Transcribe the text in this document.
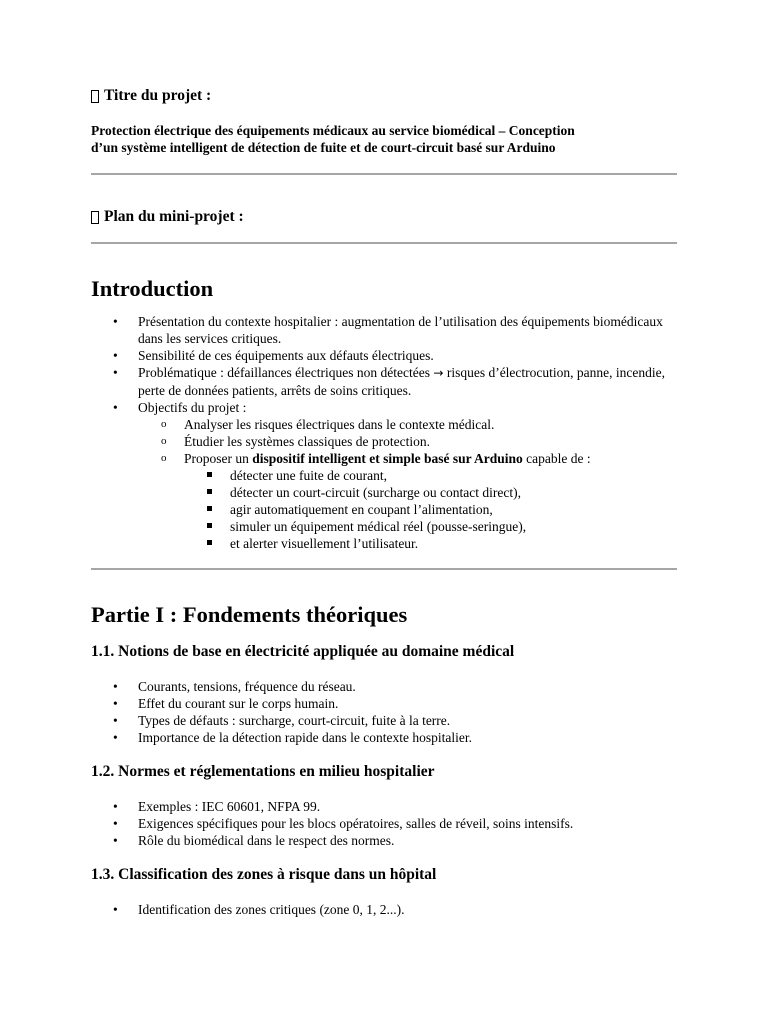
Titre du projet :
Protection électrique des équipements médicaux au service biomédical – Conception
d’un système intelligent de détection de fuite et de court-circuit basé sur Arduino
Plan du mini-projet :
Introduction
• Présentation du contexte hospitalier : augmentation de l’utilisation des équipements biomédicaux dans les services critiques.
• Sensibilité de ces équipements aux défauts électriques.
• Problématique : défaillances électriques non détectées → risques d’électrocution, panne, incendie, perte de données patients, arrêts de soins critiques.
• Objectifs du projet :
o Analyser les risques électriques dans le contexte médical.
o Étudier les systèmes classiques de protection.
o Proposer un dispositif intelligent et simple basé sur Arduino capable de :
détecter une fuite de courant,
détecter un court-circuit (surcharge ou contact direct),
agir automatiquement en coupant l’alimentation,
simuler un équipement médical réel (pousse-seringue),
et alerter visuellement l’utilisateur.
Partie I : Fondements théoriques
1.1. Notions de base en électricité appliquée au domaine médical
• Courants, tensions, fréquence du réseau.
• Effet du courant sur le corps humain.
• Types de défauts : surcharge, court-circuit, fuite à la terre.
• Importance de la détection rapide dans le contexte hospitalier.
1.2. Normes et réglementations en milieu hospitalier
• Exemples : IEC 60601, NFPA 99.
• Exigences spécifiques pour les blocs opératoires, salles de réveil, soins intensifs.
• Rôle du biomédical dans le respect des normes.
1.3. Classification des zones à risque dans un hôpital
• Identification des zones critiques (zone 0, 1, 2...).
